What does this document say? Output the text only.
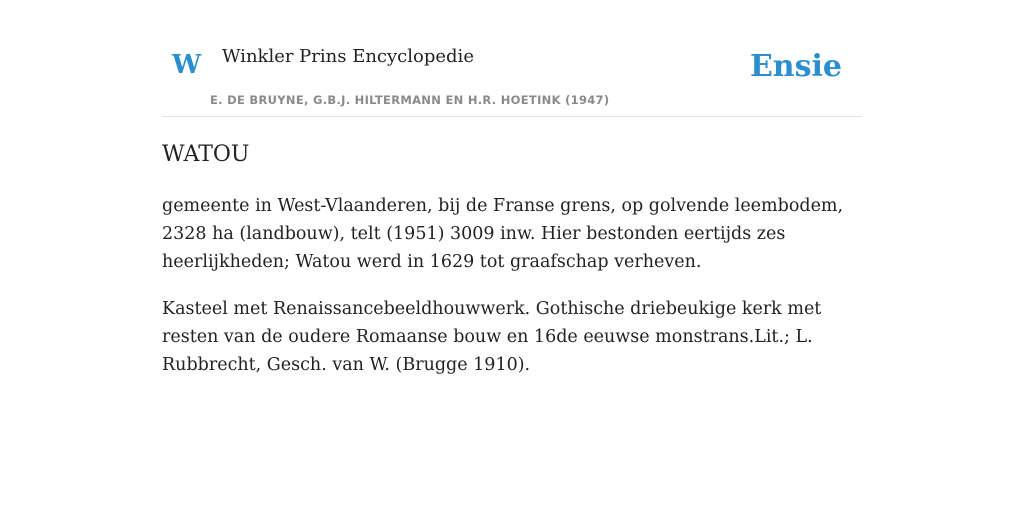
W Winkler Prins Encyclopedie
E. DE BRUYNE, G.B.J. HILTERMANN EN H.R. HOETINK (1947)
Ensie
WATOU

gemeente in West-Vlaanderen, bij de Franse grens, op golvende leembodem, 2328 ha (landbouw), telt (1951) 3009 inw. Hier bestonden eertijds zes heerlijkheden; Watou werd in 1629 tot graafschap verheven.

Kasteel met Renaissancebeeldhouwwerk. Gothische driebeukige kerk met resten van de oudere Romaanse bouw en 16de eeuwse monstrans.Lit.; L. Rubbrecht, Gesch. van W. (Brugge 1910).
